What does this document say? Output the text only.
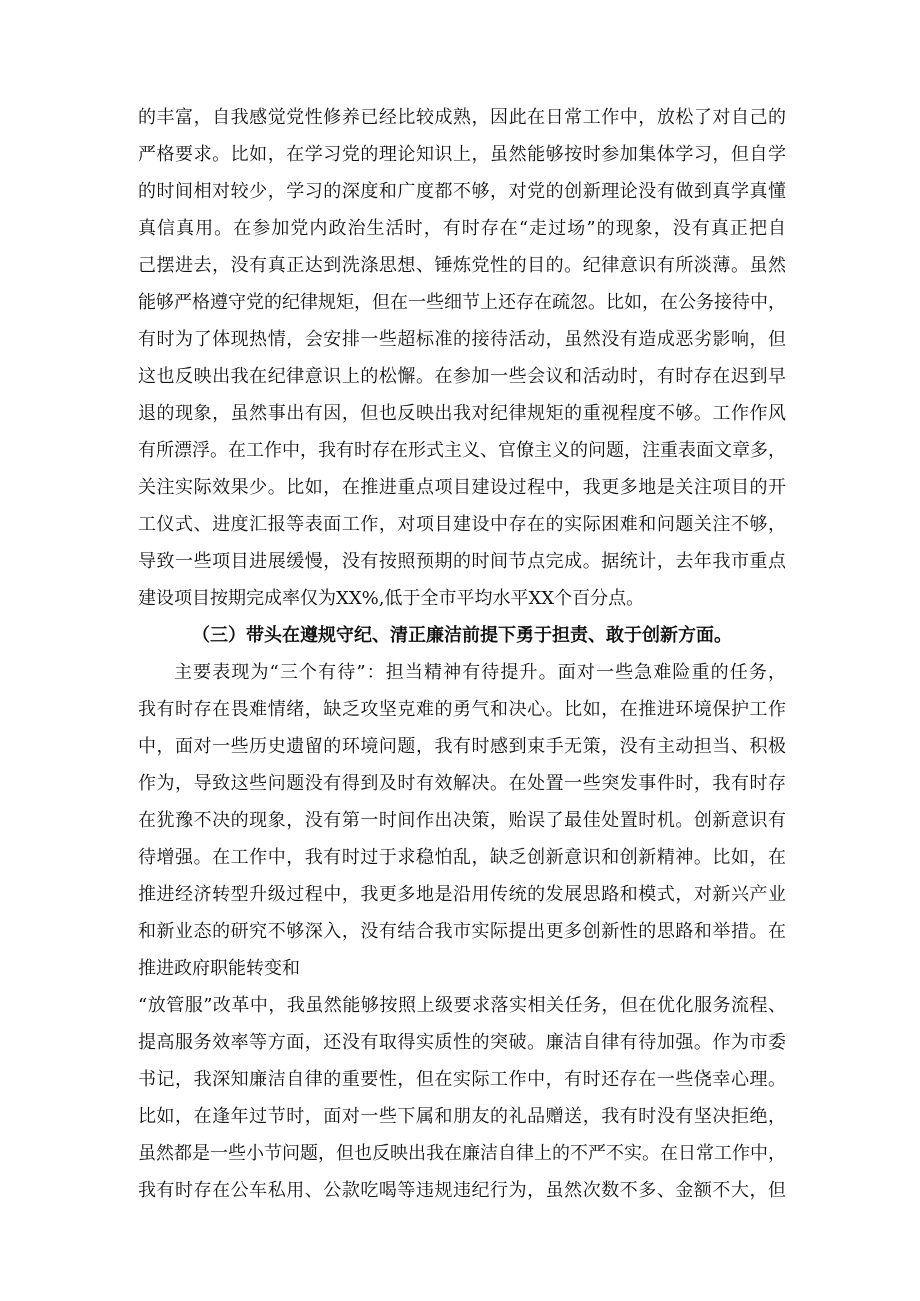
的丰富，自我感觉党性修养已经比较成熟，因此在日常工作中，放松了对自己的

严格要求。比如，在学习党的理论知识上，虽然能够按时参加集体学习，但自学

的时间相对较少，学习的深度和广度都不够，对党的创新理论没有做到真学真懂

真信真用。在参加党内政治生活时，有时存在“走过场”的现象，没有真正把自

己摆进去，没有真正达到洗涤思想、锤炼党性的目的。纪律意识有所淡薄。虽然

能够严格遵守党的纪律规矩，但在一些细节上还存在疏忽。比如，在公务接待中，

有时为了体现热情，会安排一些超标准的接待活动，虽然没有造成恶劣影响，但

这也反映出我在纪律意识上的松懈。在参加一些会议和活动时，有时存在迟到早

退的现象，虽然事出有因，但也反映出我对纪律规矩的重视程度不够。工作作风

有所漂浮。在工作中，我有时存在形式主义、官僚主义的问题，注重表面文章多，

关注实际效果少。比如，在推进重点项目建设过程中，我更多地是关注项目的开

工仪式、进度汇报等表面工作，对项目建设中存在的实际困难和问题关注不够，

导致一些项目进展缓慢，没有按照预期的时间节点完成。据统计，去年我市重点

建设项目按期完成率仅为XX%,低于全市平均水平XX个百分点。

（三）带头在遵规守纪、清正廉洁前提下勇于担责、敢于创新方面。

主要表现为“三个有待”：担当精神有待提升。面对一些急难险重的任务，

我有时存在畏难情绪，缺乏攻坚克难的勇气和决心。比如，在推进环境保护工作

中，面对一些历史遗留的环境问题，我有时感到束手无策，没有主动担当、积极

作为，导致这些问题没有得到及时有效解决。在处置一些突发事件时，我有时存

在犹豫不决的现象，没有第一时间作出决策，贻误了最佳处置时机。创新意识有

待增强。在工作中，我有时过于求稳怕乱，缺乏创新意识和创新精神。比如，在

推进经济转型升级过程中，我更多地是沿用传统的发展思路和模式，对新兴产业

和新业态的研究不够深入，没有结合我市实际提出更多创新性的思路和举措。在

推进政府职能转变和

“放管服”改革中，我虽然能够按照上级要求落实相关任务，但在优化服务流程、

提高服务效率等方面，还没有取得实质性的突破。廉洁自律有待加强。作为市委

书记，我深知廉洁自律的重要性，但在实际工作中，有时还存在一些侥幸心理。

比如，在逢年过节时，面对一些下属和朋友的礼品赠送，我有时没有坚决拒绝，

虽然都是一些小节问题，但也反映出我在廉洁自律上的不严不实。在日常工作中，

我有时存在公车私用、公款吃喝等违规违纪行为，虽然次数不多、金额不大，但
